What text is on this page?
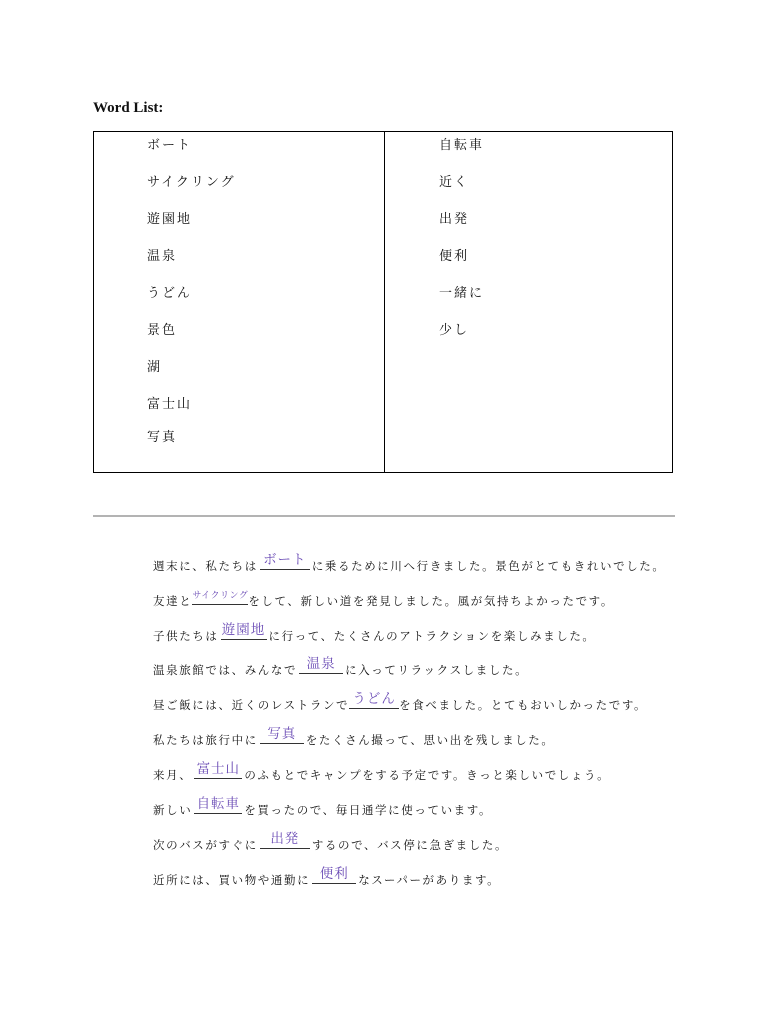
Word List:
ボート
サイクリング
遊園地
温泉
うどん
景色
湖
富士山
写真
自転車
近く
出発
便利
一緒に
少し
週末に、私たちは ボート に乗るために川へ行きました。景色がとてもきれいでした。
友達と サイクリング をして、新しい道を発見しました。風が気持ちよかったです。
子供たちは 遊園地 に行って、たくさんのアトラクションを楽しみました。
温泉旅館では、みんなで 温泉 に入ってリラックスしました。
昼ご飯には、近くのレストランで うどん を食べました。とてもおいしかったです。
私たちは旅行中に 写真 をたくさん撮って、思い出を残しました。
来月、 富士山 のふもとでキャンプをする予定です。きっと楽しいでしょう。
新しい 自転車 を買ったので、毎日通学に使っています。
次のバスがすぐに 出発	するので、バス停に急ぎました。
近所には、買い物や通勤に 便利 なスーパーがあります。
